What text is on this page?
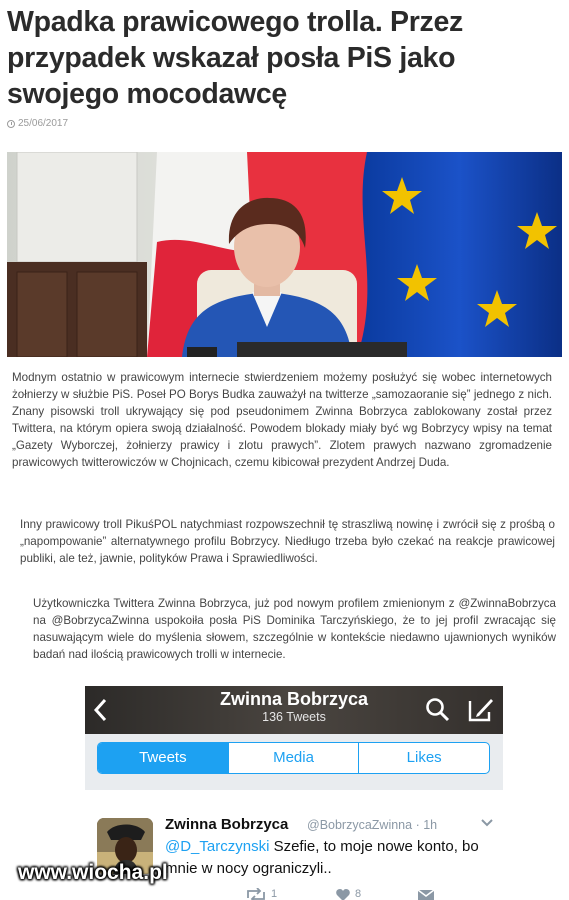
Wpadka prawicowego trolla. Przez przypadek wskazał posła PiS jako swojego mocodawcę
25/06/2017

Modnym ostatnio w prawicowym internecie stwierdzeniem możemy posłużyć się wobec internetowych żołnierzy w służbie PiS. Poseł PO Borys Budka zauważył na twitterze „samozaoranie się” jednego z nich. Znany pisowski troll ukrywający się pod pseudonimem Zwinna Bobrzyca zablokowany został przez Twittera, na którym opiera swoją działalność. Powodem blokady miały być wg Bobrzycy wpisy na temat „Gazety Wyborczej, żołnierzy prawicy i zlotu prawych”. Zlotem prawych nazwano zgromadzenie prawicowych twitterowiczów w Chojnicach, czemu kibicował prezydent Andrzej Duda.

Inny prawicowy troll PikuśPOL natychmiast rozpowszechnił tę straszliwą nowinę i zwrócił się z prośbą o „napompowanie” alternatywnego profilu Bobrzycy. Niedługo trzeba było czekać na reakcje prawicowej publiki, ale też, jawnie, polityków Prawa i Sprawiedliwości.

Użytkowniczka Twittera Zwinna Bobrzyca, już pod nowym profilem zmienionym z @ZwinnaBobrzyca na @BobrzycaZwinna uspokoiła posła PiS Dominika Tarczyńskiego, że to jej profil zwracając się nasuwającym wiele do myślenia słowem, szczególnie w kontekście niedawno ujawnionych wyników badań nad ilością prawicowych trolli w internecie.

Zwinna Bobrzyca
136 Tweets
Tweets	Media	Likes
Zwinna Bobrzyca @BobrzycaZwinna · 1h
@D_Tarczynski Szefie, to moje nowe konto, bo mnie w nocy ograniczyli..
1	8
www.wiocha.pl
